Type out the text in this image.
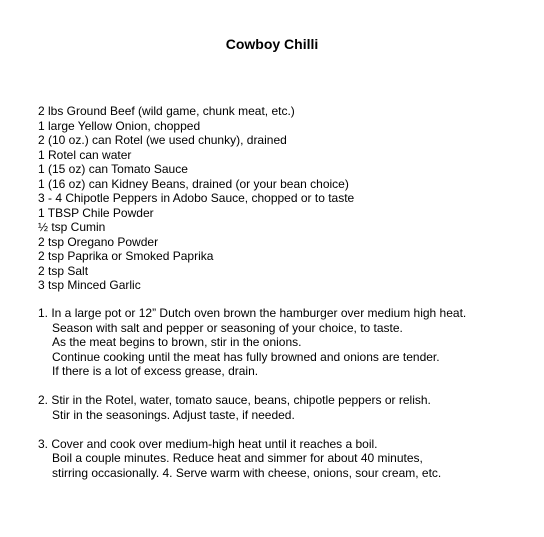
Cowboy Chilli
2 lbs Ground Beef (wild game, chunk meat, etc.)
1 large Yellow Onion, chopped
2 (10 oz.) can Rotel (we used chunky), drained
1 Rotel can water
1 (15 oz) can Tomato Sauce
1 (16 oz) can Kidney Beans, drained (or your bean choice)
3 - 4 Chipotle Peppers in Adobo Sauce, chopped or to taste
1 TBSP Chile Powder
½ tsp Cumin
2 tsp Oregano Powder
2 tsp Paprika or Smoked Paprika
2 tsp Salt
3 tsp Minced Garlic
1. In a large pot or 12” Dutch oven brown the hamburger over medium high heat.
Season with salt and pepper or seasoning of your choice, to taste.
As the meat begins to brown, stir in the onions.
Continue cooking until the meat has fully browned and onions are tender.
If there is a lot of excess grease, drain.
2. Stir in the Rotel, water, tomato sauce, beans, chipotle peppers or relish.
Stir in the seasonings. Adjust taste, if needed.
3. Cover and cook over medium-high heat until it reaches a boil.
Boil a couple minutes. Reduce heat and simmer for about 40 minutes,
stirring occasionally. 4. Serve warm with cheese, onions, sour cream, etc.
